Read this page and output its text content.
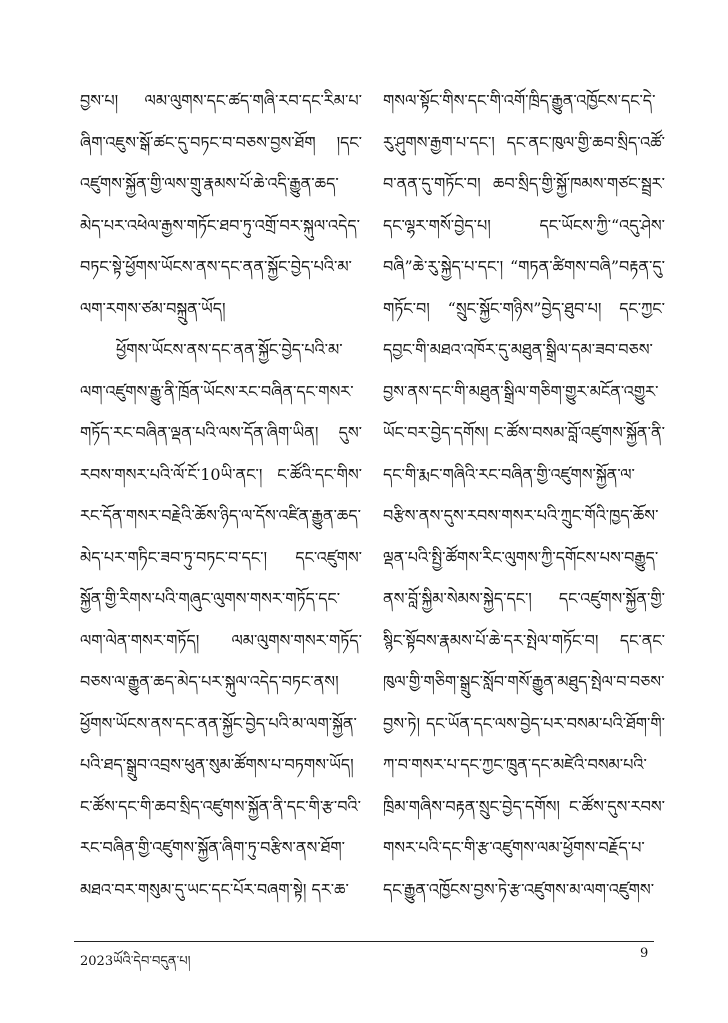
བྱས་པ། ལམ་ལུགས་དང་ཚད་གཞི་རབ་དང་རིམ་པ་ཞིག་འཇུས་སྒོ་ཚང་དུ་བཏང་བ་བཅས་བྱས་ཐོག །དང་འཛུགས་སྐྱོན་གྱི་ལས་གྲུ་རྣམས་པོ་ཆེ་འདི་རྒྱུན་ཆད་མེད་པར་འཕེལ་རྒྱས་གཏོང་ཐབ་ཏུ་འགྲོ་བར་སྐུལ་འདེད་བཏང་སྟེ་ཕྱོགས་ཡོངས་ནས་དང་ནན་སྐྱོང་བྱེད་པའི་མ་ལག་རགས་ཙམ་བསྐྲུན་ཡོད།

ཕྱོགས་ཡོངས་ནས་དང་ནན་སྐྱོང་བྱེད་པའི་མ་ལག་འཛུགས་རྒྱུ་ནི་ཁྲོན་ཡོངས་རང་བཞིན་དང་གསར་གཏོད་རང་བཞིན་ལྡན་པའི་ལས་དོན་ཞིག་ཡིན། དུས་རབས་གསར་པའི་ལོ་ངོ་10ཡི་ནང་། ང་ཚོའི་དང་གིས་རང་དོན་གསར་བརྗེའི་ཆོས་ཉིད་ལ་དོས་འཛིན་རྒྱུན་ཆད་མེད་པར་གཏིང་ཟབ་ཏུ་བཏང་བ་དང་། དང་འཛུགས་སྐྱོན་གྱི་རིགས་པའི་གཞུང་ལུགས་གསར་གཏོད་དང་ལག་ལེན་གསར་གཏོད། ལམ་ལུགས་གསར་གཏོད་བཅས་ལ་རྒྱུན་ཆད་མེད་པར་སྐུལ་འདེད་བཏང་ནས། ཕྱོགས་ཡོངས་ནས་དང་ནན་སྐྱོང་བྱེད་པའི་མ་ལག་སྐྱོན་པའི་ཐད་སྒྲུབ་འབྲས་ཕུན་སུམ་ཚོགས་པ་བཏགས་ཡོད། ང་ཚོས་དང་གི་ཆབ་སྲིད་འཛུགས་སྐྱོན་ནི་དང་གི་རྩ་བའི་རང་བཞིན་གྱི་འཛུགས་སྐྱོན་ཞིག་ཏུ་བརྩིས་ནས་ཐོག་མཐའ་བར་གསུམ་དུ་ཡང་དང་པོར་བཞག་སྟེ། དར་ཆ་

གསལ་སྟོང་གིས་དང་གི་འགོ་ཁྲིད་རྒྱུན་འཁྱོངས་དང་དེ་རུ་ཤུགས་རྒྱག་པ་དང་། དང་ནང་ཁུལ་གྱི་ཆབ་སྲིད་འཚོ་བ་ནན་དུ་གཏོང་བ། ཆབ་སྲིད་གྱི་སྐྱོ་ཁམས་གཙང་སྦྲར་དང་ལྷར་གསོ་བྱེད་པ། དང་ཡོངས་ཀྱི་“འདུ་ཤེས་བཞི”ཆེ་རུ་སྐྱེད་པ་དང་། “གཏན་ཚིགས་བཞི”བརྟན་དུ་གཏོང་བ། “སྲུང་སྐྱོང་གཉིས”བྱེད་ཐུབ་པ། དང་ཀྱང་དབྱང་གི་མཐའ་འཁོར་དུ་མཐུན་སྒྲིལ་དམ་ཟབ་བཅས་བྱས་ནས་དང་གི་མཐུན་སྒྲིལ་གཅིག་གྱུར་མངོན་འགྱུར་ཡོང་བར་བྱེད་དགོས། ང་ཚོས་བསམ་བློ་འཛུགས་སྐྱོན་ནི་དང་གི་རྨང་གཞིའི་རང་བཞིན་གྱི་འཛུགས་སྐྱོན་ལ་བརྩིས་ནས་དུས་རབས་གསར་པའི་ཀྲུང་གོའི་ཁྱད་ཆོས་ལྡན་པའི་སྤྱི་ཚོགས་རིང་ལུགས་ཀྱི་དགོངས་པས་བརྒྱུད་ནས་བློ་སྐྱིམ་སེམས་སྐྱེད་དང་། དང་འཛུགས་སྐྱོན་གྱི་སྙིང་སྟོབས་རྣམས་པོ་ཆེ་དར་སྤེལ་གཏོང་བ། དང་ནང་ཁུལ་གྱི་གཅིག་སྒྲུང་སློབ་གསོ་རྒྱུན་མཐུད་སྤེལ་བ་བཅས་བྱས་ཏེ། དང་ཡོན་དང་ལས་བྱེད་པར་བསམ་པའི་ཐོག་གི་ཀ་བ་གསར་པ་དང་ཀྱང་ཁྲུན་དང་མཛེའི་བསམ་པའི་ཁྲིམ་གཞིས་བརྟན་སྲུང་བྱེད་དགོས། ང་ཚོས་དུས་རབས་གསར་པའི་དང་གི་རྩ་འཛུགས་ལམ་ཕྱོགས་བརྗོད་པ་དང་རྒྱུན་འཁྱོངས་བྱས་ཏེ་རྩ་འཛུགས་མ་ལག་འཛུགས་

2023ཡོའི་དེབ་བདུན་པ།
9
